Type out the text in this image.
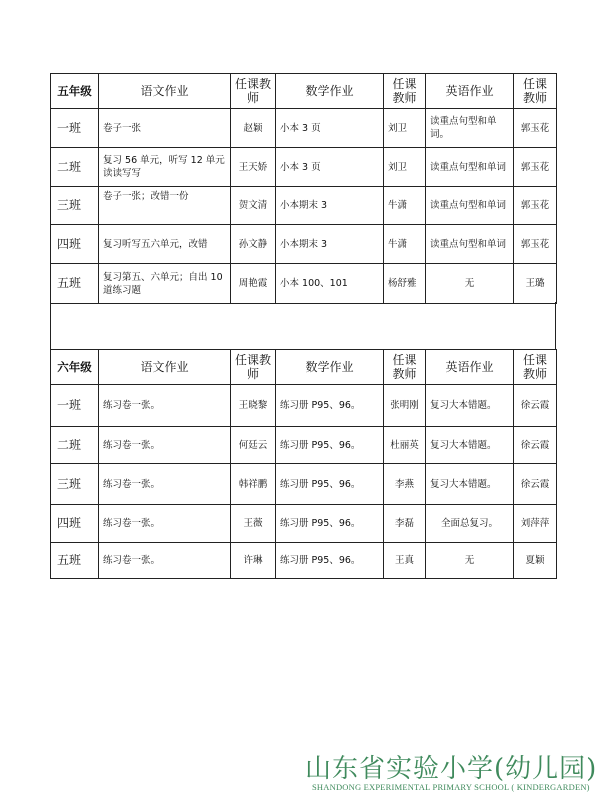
五年级	语文作业	任课教师	数学作业	任课教师	英语作业	任课教师
一班	卷子一张	赵颖	小本 3 页	刘卫	读重点句型和单词。	郭玉花
二班	复习 56 单元，听写 12 单元读读写写	王天娇	小本 3 页	刘卫	读重点句型和单词	郭玉花
三班	卷子一张；改错一份	贺文清	小本期末 3	牛潇	读重点句型和单词	郭玉花
四班	复习听写五六单元，改错	孙文静	小本期末 3	牛潇	读重点句型和单词	郭玉花
五班	复习第五、六单元；自出 10 道练习题	周艳霞	小本 100、101	杨舒雅	无	王璐
六年级	语文作业	任课教师	数学作业	任课教师	英语作业	任课教师
一班	练习卷一张。	王晓黎	练习册 P95、96。	张明刚	复习大本错题。	徐云霞
二班	练习卷一张。	何廷云	练习册 P95、96。	杜丽英	复习大本错题。	徐云霞
三班	练习卷一张。	韩祥鹏	练习册 P95、96。	李燕	复习大本错题。	徐云霞
四班	练习卷一张。	王薇	练习册 P95、96。	李磊	全面总复习。	刘萍萍
五班	练习卷一张。	许琳	练习册 P95、96。	王真	无	夏颖
山东省实验小学(幼儿园)
SHANDONG EXPERIMENTAL PRIMARY SCHOOL ( KINDERGARDEN)
